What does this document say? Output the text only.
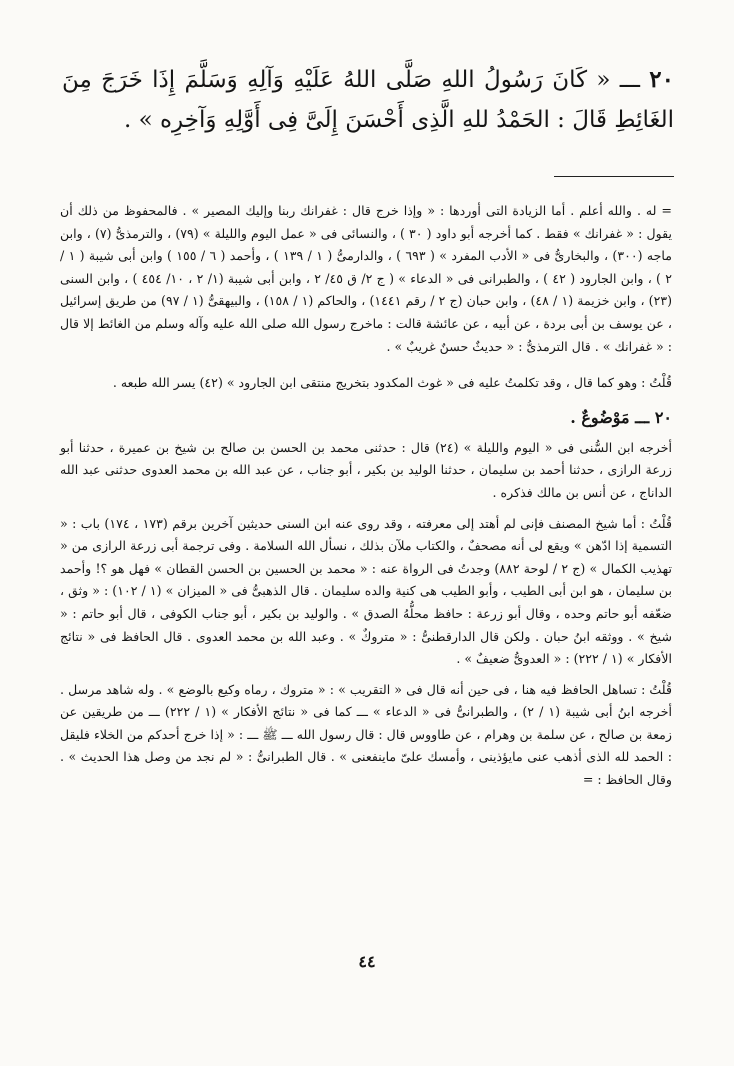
٢٠ ـــ « كَانَ رَسُولُ اللهِ صَلَّى اللهُ عَلَيْهِ وَآلِهِ وَسَلَّمَ إِذَا خَرَجَ مِنَ الغَائِطِ قَالَ : الحَمْدُ للهِ الَّذِى أَحْسَنَ إِلَىَّ فِى أَوَّلِهِ وَآخِرِه » .

= له . والله أعلم . أما الزيادة التى أوردها : « وإذا خرج قال : غفرانك ربنا وإليك المصير » . فالمحفوظ من ذلك أن يقول : « غفرانك » فقط . كما أخرجه أبو داود ( ٣٠ ) ، والنسائى فى « عمل اليوم والليلة » (٧٩) ، والترمذىُّ (٧) ، وابن ماجه (٣٠٠) ، والبخارىُّ فى « الأدب المفرد » ( ٦٩٣ ) ، والدارمىُّ ( ١ / ١٣٩ ) ، وأحمد ( ٦ / ١٥٥ ) وابن أبى شيبة ( ١ / ٢ ) ، وابن الجارود ( ٤٢ ) ، والطبرانى فى « الدعاء » ( ج ٢/ ق ٤٥/ ٢ ، وابن أبى شيبة (١/ ٢ ، ١٠/ ٤٥٤ ) ، وابن السنى (٢٣) ، وابن خزيمة (١ / ٤٨) ، وابن حبان (ج ٢ / رقم ١٤٤١) ، والحاكم (١ / ١٥٨) ، والبيهقىُّ (١ / ٩٧) من طريق إسرائيل ، عن يوسف بن أبى بردة ، عن أبيه ، عن عائشة قالت : ماخرج رسول الله صلى الله عليه وآله وسلم من الغائط إلا قال : « غفرانك » . قال الترمذىُّ : « حديثٌ حسنٌ غريبٌ » .

قُلْتُ : وهو كما قال ، وقد تكلمتُ عليه فى « غوث المكدود بتخريج منتقى ابن الجارود » (٤٢) يسر الله طبعه .

٢٠ ـــ مَوْضُوعٌ .

أخرجه ابن السُّنى فى « اليوم والليلة » (٢٤) قال : حدثنى محمد بن الحسن بن صالح بن شيخ بن عميرة ، حدثنا أبو زرعة الرازى ، حدثنا أحمد بن سليمان ، حدثنا الوليد بن بكير ، أبو جناب ، عن عبد الله بن محمد العدوى حدثنى عبد الله الداناج ، عن أنس بن مالك فذكره .

قُلْتُ : أما شيخ المصنف فإنى لم أهتد إلى معرفته ، وقد روى عنه ابن السنى حديثين آخرين برقم (١٧٣ ، ١٧٤) باب : « التسمية إذا ادّهن » ويقع لى أنه مصحفٌ ، والكتاب ملآن بذلك ، نسأل الله السلامة . وفى ترجمة أبى زرعة الرازى من « تهذيب الكمال » (ج ٢ / لوحة ٨٨٢) وجدتُ فى الرواة عنه : « محمد بن الحسين بن الحسن القطان » فهل هو ؟! وأحمد بن سليمان ، هو ابن أبى الطيب ، وأبو الطيب هى كنية والده سليمان . قال الذهبىُّ فى « الميزان » (١ / ١٠٢) : « وثق ، ضعّفه أبو حاتم وحده ، وقال أبو زرعة : حافظ محلُّهُ الصدق » . والوليد بن بكير ، أبو جناب الكوفى ، قال أبو حاتم : « شيخ » . ووثقه ابنُ حبان . ولكن قال الدارقطنىُّ : « متروكٌ » . وعبد الله بن محمد العدوى . قال الحافظ فى « نتائج الأفكار » (١ / ٢٢٢) : « العدوىُّ ضعيفٌ » .

قُلْتُ : تساهل الحافظ فيه هنا ، فى حين أنه قال فى « التقريب » : « متروك ، رماه وكيع بالوضع » . وله شاهد مرسل . أخرجه ابنُ أبى شيبة (١ / ٢) ، والطبرانىُّ فى « الدعاء » ـــ كما فى « نتائج الأفكار » (١ / ٢٢٢) ـــ من طريقين عن زمعة بن صالح ، عن سلمة بن وهرام ، عن طاووس قال : قال رسول الله ـــ ﷺ ـــ : « إذا خرج أحدكم من الخلاء فليقل : الحمد لله الذى أذهب عنى مايؤذينى ، وأمسك علىّ ماينفعنى » . قال الطبرانىُّ : « لم نجد من وصل هذا الحديث » . وقال الحافظ : =

٤٤
